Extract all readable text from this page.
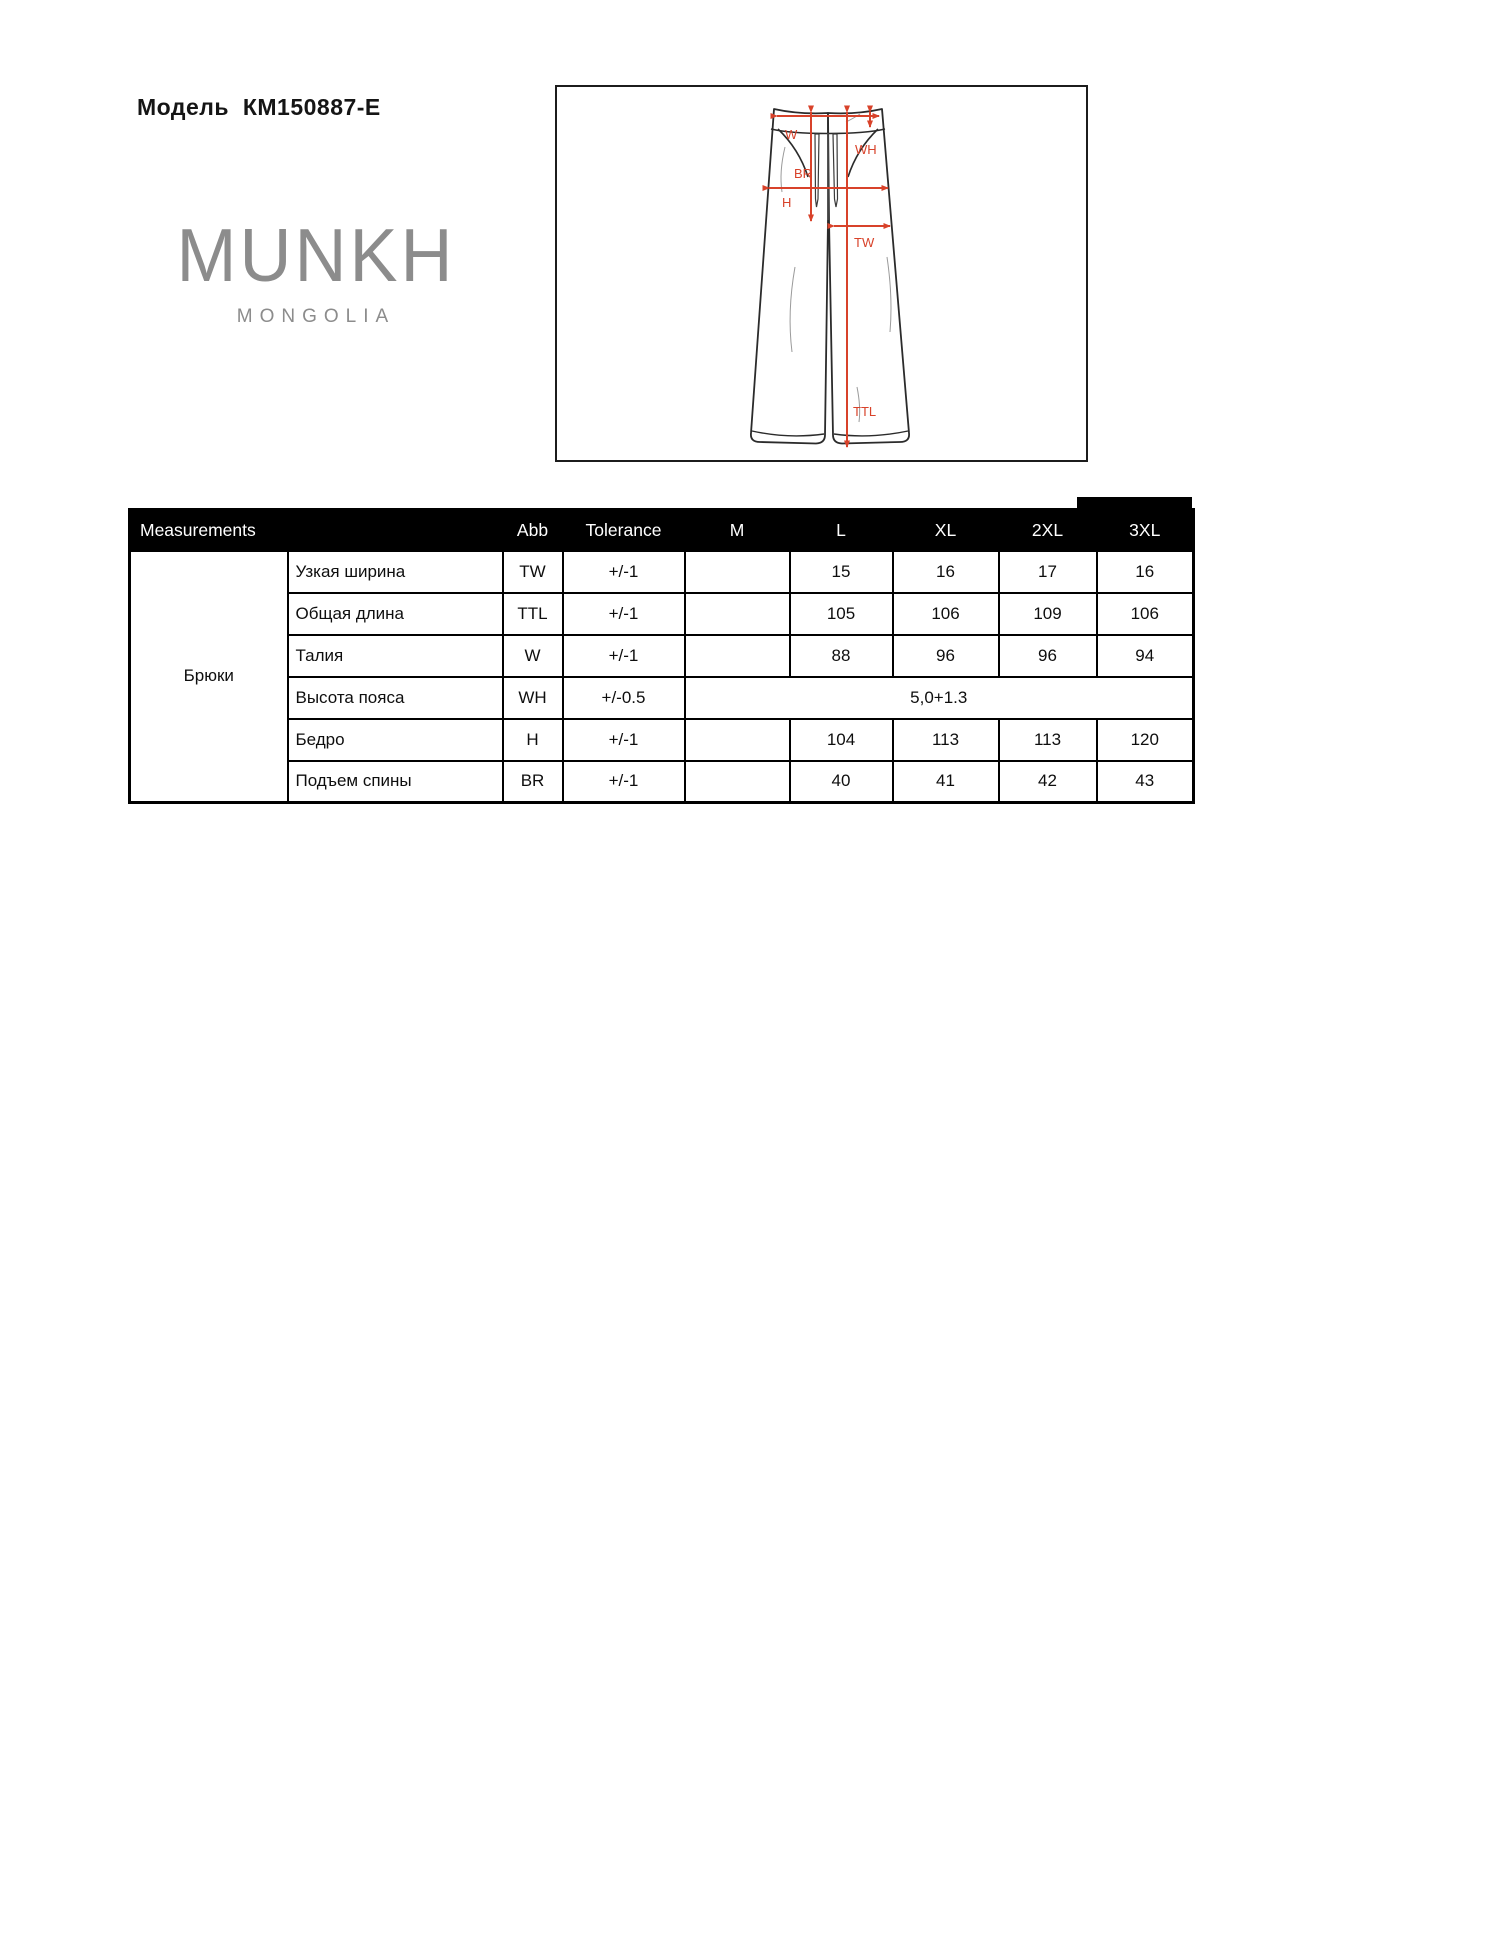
Модель  КМ150887-Е
MUNKH
MONGOLIA
W
WH
BR
H
TW
TTL
Measurements		Abb	Tolerance	M	L	XL	2XL	3XL
Брюки	Узкая ширина	TW	+/-1		15	16	17	16
	Общая длина	TTL	+/-1		105	106	109	106
	Талия	W	+/-1		88	96	96	94
	Высота пояса	WH	+/-0.5	5,0+1.3				
	Бедро	H	+/-1		104	113	113	120
	Подъем спины	BR	+/-1		40	41	42	43
